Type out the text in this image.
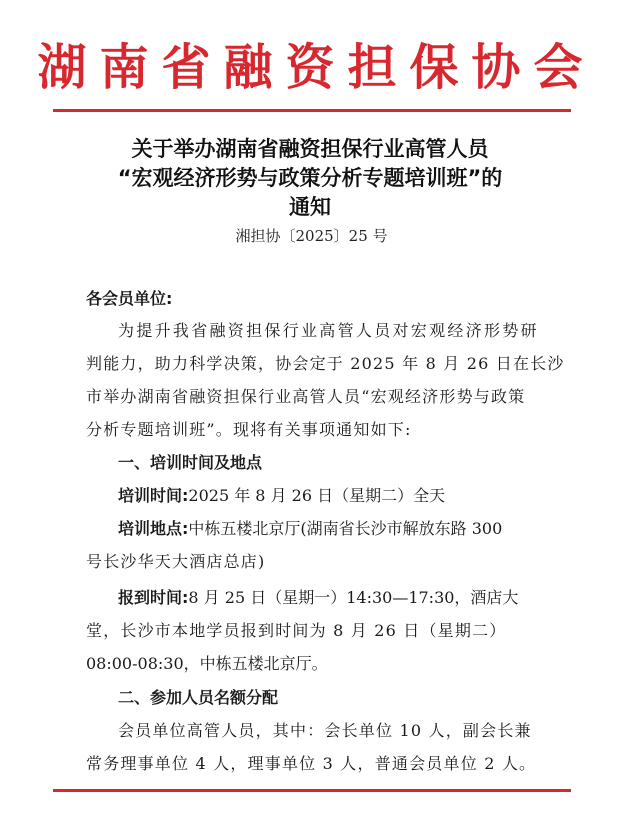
湖南省融资担保协会
关于举办湖南省融资担保行业高管人员
“宏观经济形势与政策分析专题培训班”的
通知
湘担协〔2025〕25 号
各会员单位:
为提升我省融资担保行业高管人员对宏观经济形势研
判能力，助力科学决策，协会定于 2025 年 8 月 26 日在长沙
市举办湖南省融资担保行业高管人员“宏观经济形势与政策
分析专题培训班”。现将有关事项通知如下:
一、培训时间及地点
培训时间:2025 年 8 月 26 日（星期二）全天
培训地点:中栋五楼北京厅(湖南省长沙市解放东路 300
号长沙华天大酒店总店)
报到时间:8 月 25 日（星期一）14:30—17:30，酒店大
堂，长沙市本地学员报到时间为 8 月 26 日（星期二）
08:00-08:30，中栋五楼北京厅。
二、参加人员名额分配
会员单位高管人员，其中：会长单位 10 人，副会长兼
常务理事单位 4 人，理事单位 3 人，普通会员单位 2 人。
